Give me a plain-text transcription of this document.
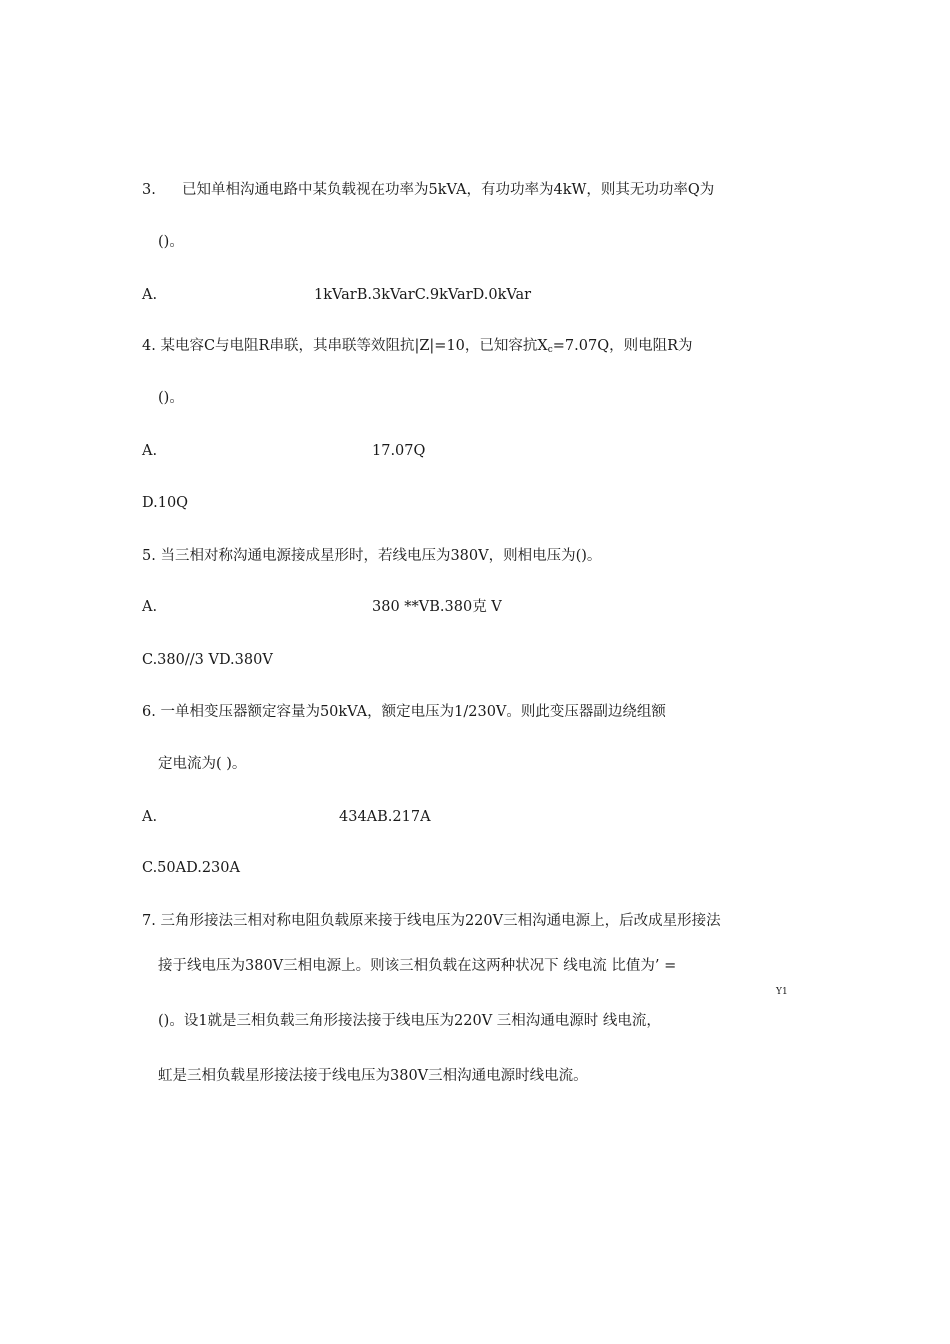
3. 已知单相沟通电路中某负载视在功率为5kVA，有功功率为4kW，则其无功功率Q为
()。
A.	1kVarB.3kVarC.9kVarD.0kVar
4. 某电容C与电阻R串联，其串联等效阻抗|Z|=10，已知容抗$X_c=7.07Q$，则电阻R为
()。
A.	17.07Q
D.10Q
5. 当三相对称沟通电源接成星形时，若线电压为380V，则相电压为()。
A.	380 **VB.380克 V
C.380//3 VD.380V
6. 一单相变压器额定容量为50kVA，额定电压为1/230V。则此变压器副边绕组额
定电流为( )。
A.	434AB.217A
C.50AD.230A
7. 三角形接法三相对称电阻负载原来接于线电压为220V三相沟通电源上，后改成星形接法
接于线电压为380V三相电源上。则该三相负载在这两种状况下 线电流 比值为’ =
Y1
()。设1就是三相负载三角形接法接于线电压为220V 三相沟通电源时 线电流，
虹是三相负载星形接法接于线电压为380V三相沟通电源时线电流。
